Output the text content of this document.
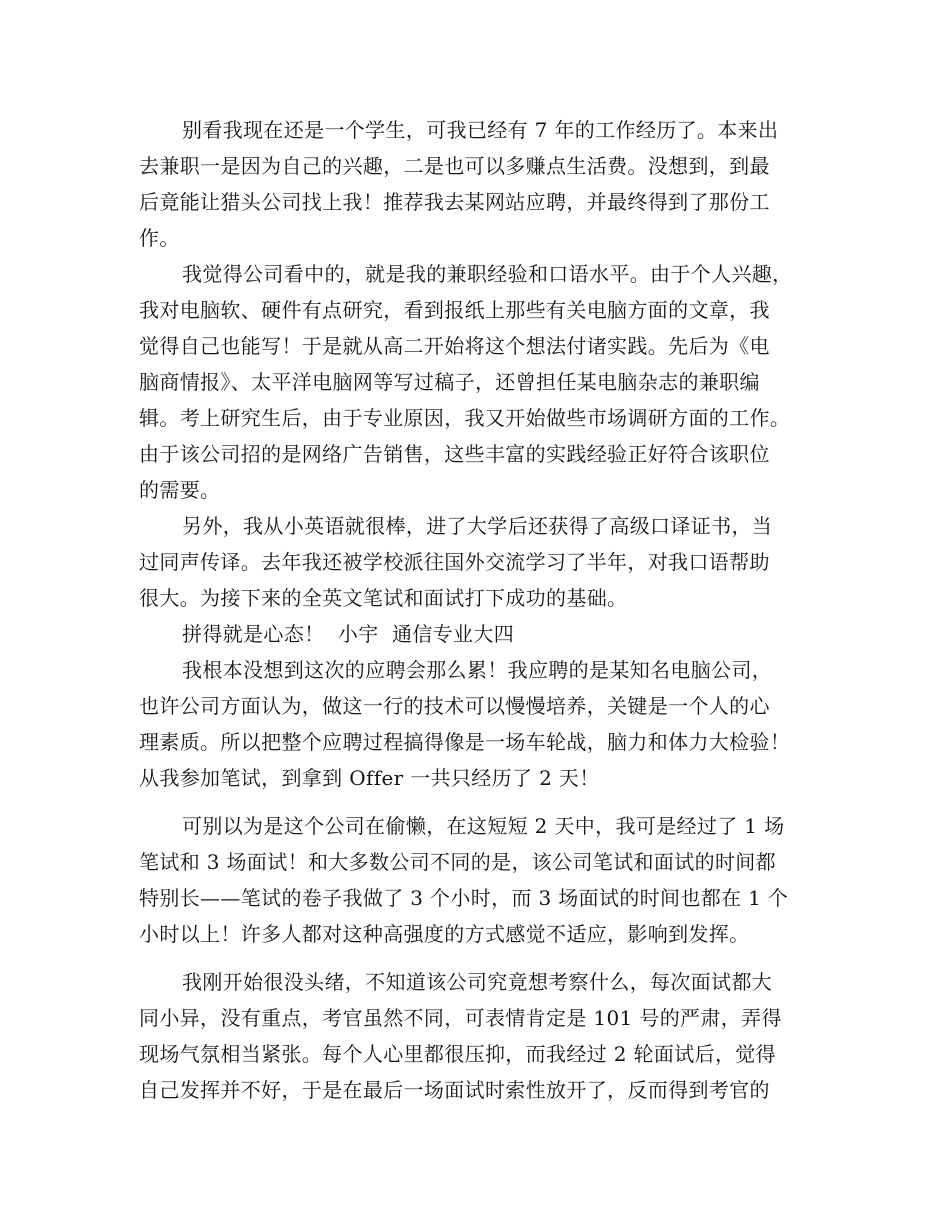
别看我现在还是一个学生，可我已经有 7 年的工作经历了。本来出
去兼职一是因为自己的兴趣，二是也可以多赚点生活费。没想到，到最
后竟能让猎头公司找上我！推荐我去某网站应聘，并最终得到了那份工
作。
我觉得公司看中的，就是我的兼职经验和口语水平。由于个人兴趣，
我对电脑软、硬件有点研究，看到报纸上那些有关电脑方面的文章，我
觉得自己也能写！于是就从高二开始将这个想法付诸实践。先后为《电
脑商情报》、太平洋电脑网等写过稿子，还曾担任某电脑杂志的兼职编
辑。考上研究生后，由于专业原因，我又开始做些市场调研方面的工作。
由于该公司招的是网络广告销售，这些丰富的实践经验正好符合该职位
的需要。
另外，我从小英语就很棒，进了大学后还获得了高级口译证书，当
过同声传译。去年我还被学校派往国外交流学习了半年，对我口语帮助
很大。为接下来的全英文笔试和面试打下成功的基础。
拼得就是心态！  小宇  通信专业大四
我根本没想到这次的应聘会那么累！我应聘的是某知名电脑公司，
也许公司方面认为，做这一行的技术可以慢慢培养，关键是一个人的心
理素质。所以把整个应聘过程搞得像是一场车轮战，脑力和体力大检验！
从我参加笔试，到拿到 Offer 一共只经历了 2 天！
可别以为是这个公司在偷懒，在这短短 2 天中，我可是经过了 1 场
笔试和 3 场面试！和大多数公司不同的是，该公司笔试和面试的时间都
特别长——笔试的卷子我做了 3 个小时，而 3 场面试的时间也都在 1 个
小时以上！许多人都对这种高强度的方式感觉不适应，影响到发挥。
我刚开始很没头绪，不知道该公司究竟想考察什么，每次面试都大
同小异，没有重点，考官虽然不同，可表情肯定是 101 号的严肃，弄得
现场气氛相当紧张。每个人心里都很压抑，而我经过 2 轮面试后，觉得
自己发挥并不好，于是在最后一场面试时索性放开了，反而得到考官的
